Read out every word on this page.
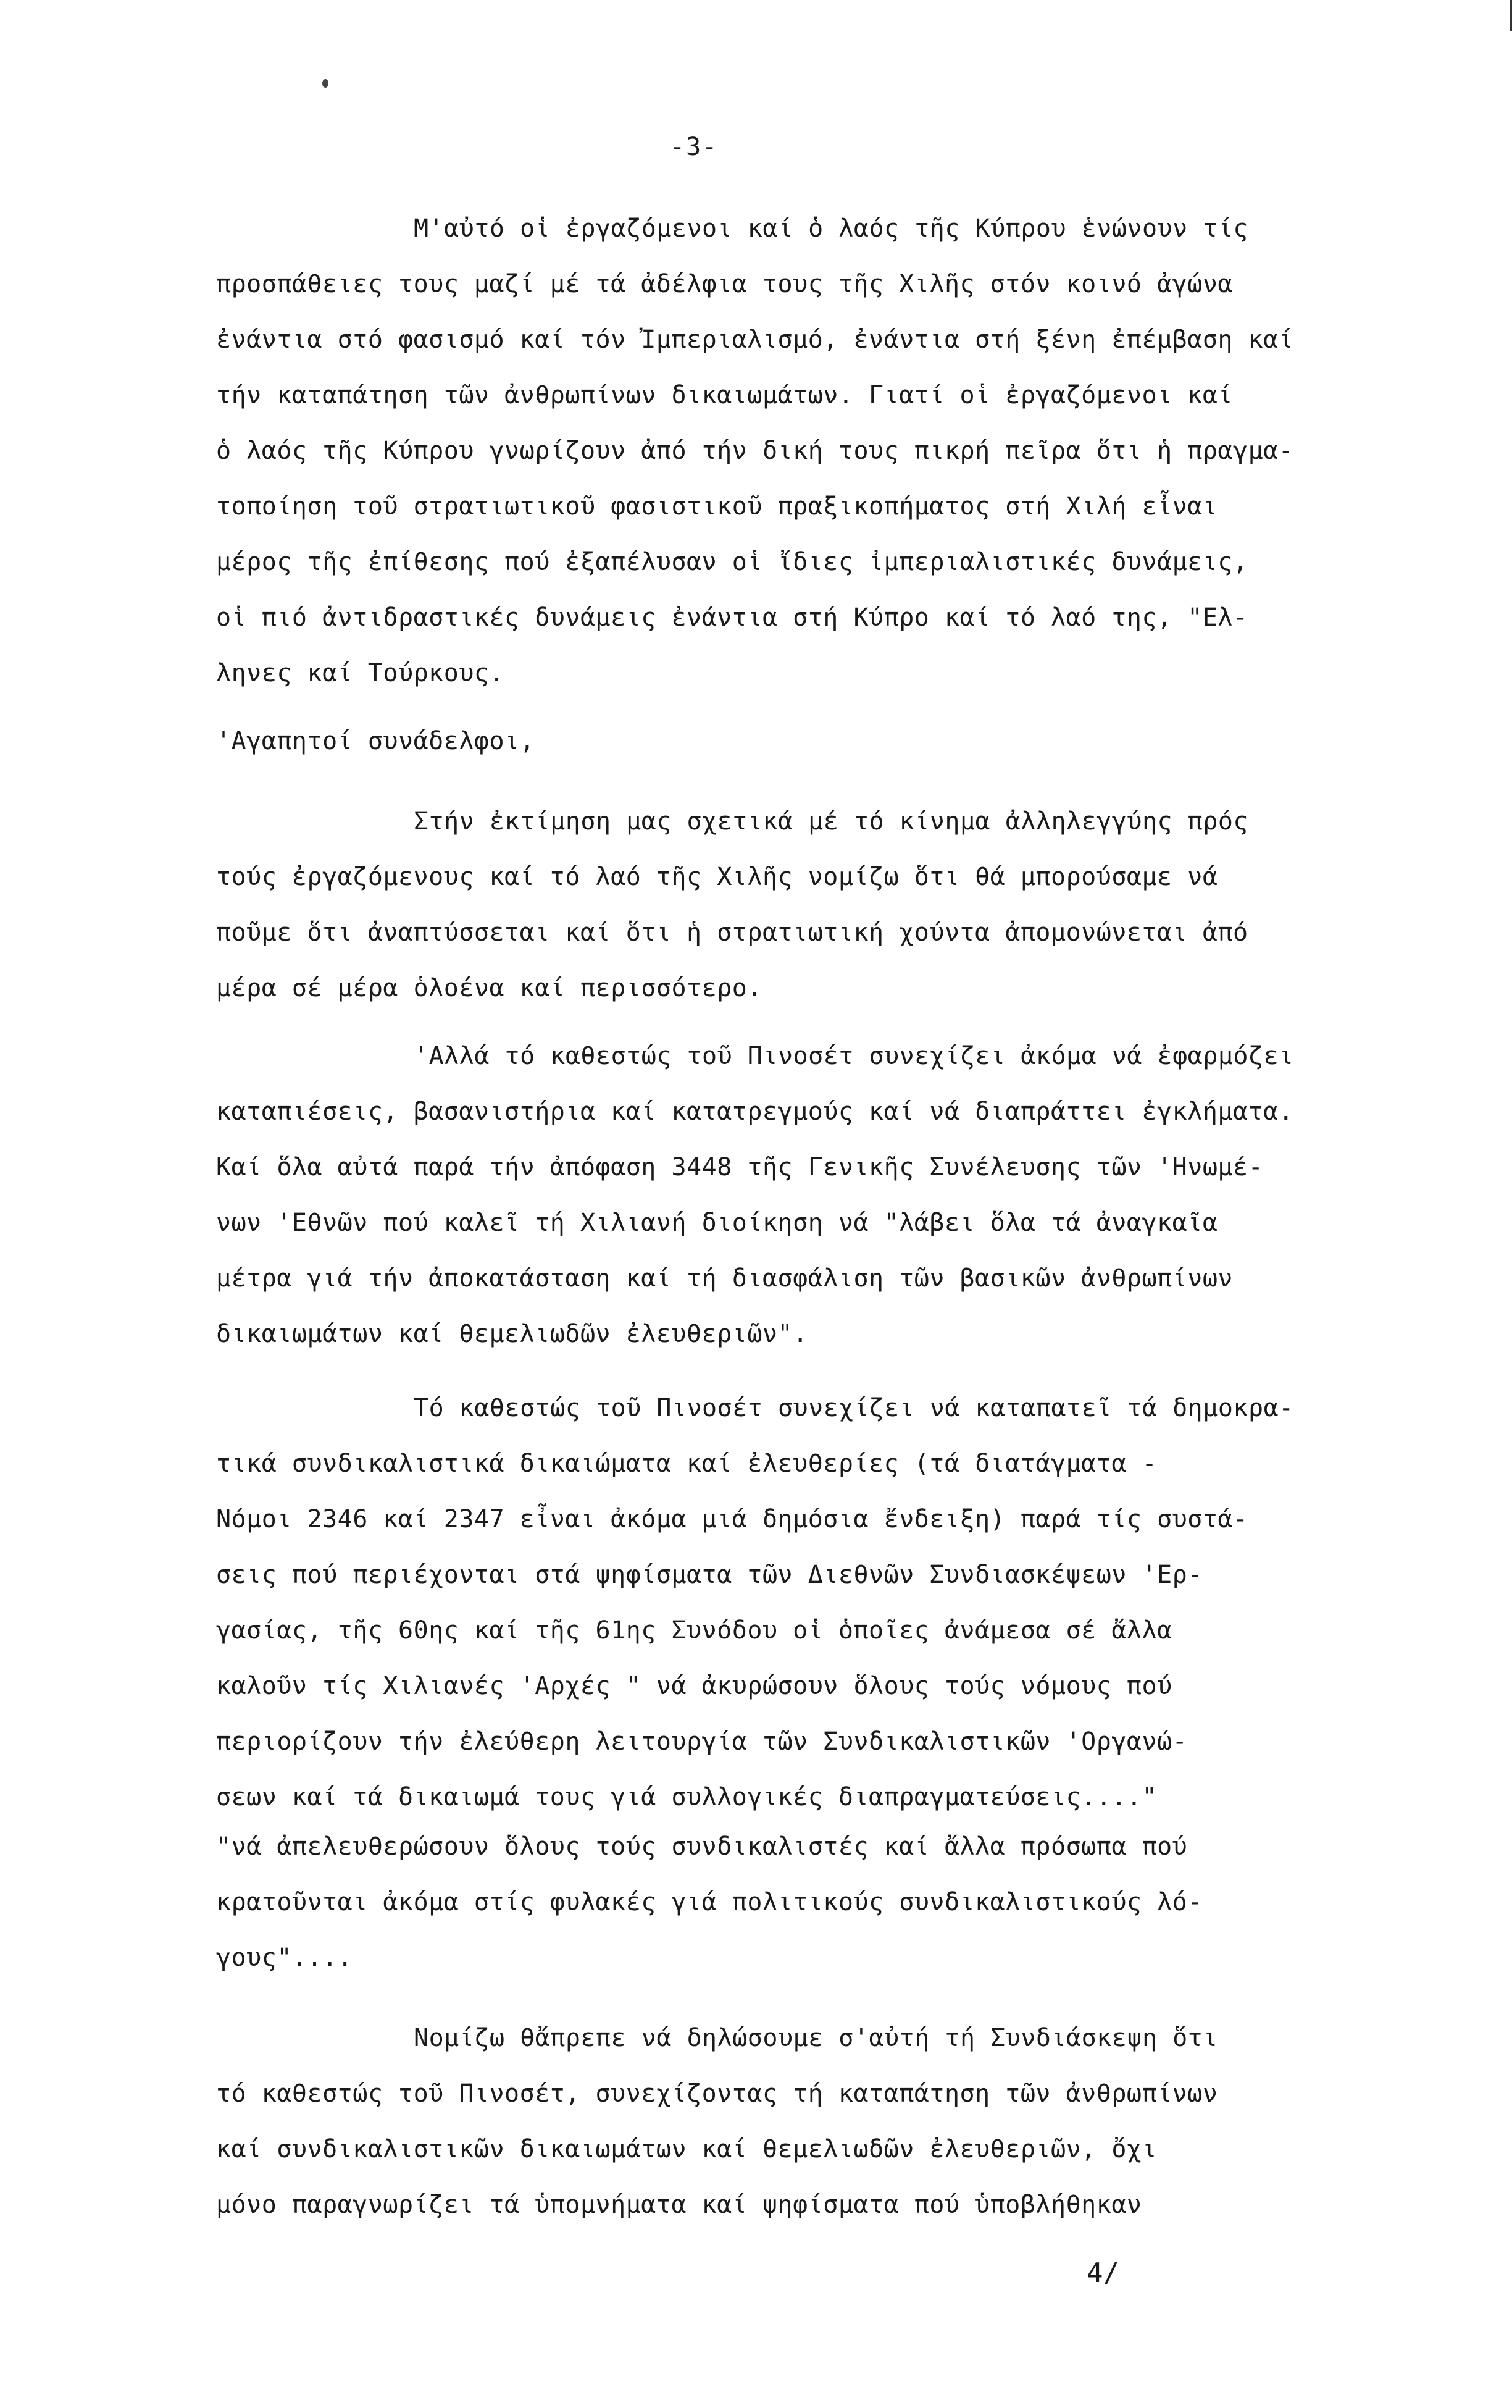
-3-
M'αὐτό οἱ ἐργαζόμενοι καί ὁ λαός τῆς Κύπρου ἑνώνουν τίς
προσπάθειες τους μαζί μέ τά ἀδέλφια τους τῆς Χιλῆς στόν κοινό ἀγώνα
ἐνάντια στό φασισμό καί τόν Ἰμπεριαλισμό, ἐνάντια στή ξένη ἐπέμβαση καί
τήν καταπάτηση τῶν ἀνθρωπίνων δικαιωμάτων. Γιατί οἱ ἐργαζόμενοι καί
ὁ λαός τῆς Κύπρου γνωρίζουν ἀπό τήν δική τους πικρή πεῖρα ὅτι ἡ πραγμα-
τοποίηση τοῦ στρατιωτικοῦ φασιστικοῦ πραξικοπήματος στή Χιλή εἶναι
μέρος τῆς ἐπίθεσης πού ἐξαπέλυσαν οἱ ἴδιες ἰμπεριαλιστικές δυνάμεις,
οἱ πιό ἀντιδραστικές δυνάμεις ἐνάντια στή Κύπρο καί τό λαό της, "Ελ-
ληνες καί Τούρκους.
'Αγαπητοί συνάδελφοι,
Στήν ἐκτίμηση μας σχετικά μέ τό κίνημα ἀλληλεγγύης πρός
τούς ἐργαζόμενους καί τό λαό τῆς Χιλῆς νομίζω ὅτι θά μπορούσαμε νά
ποῦμε ὅτι ἀναπτύσσεται καί ὅτι ἡ στρατιωτική χούντα ἀπομονώνεται ἀπό
μέρα σέ μέρα ὁλοένα καί περισσότερο.
'Αλλά τό καθεστώς τοῦ Πινοσέτ συνεχίζει ἀκόμα νά ἐφαρμόζει
καταπιέσεις, βασανιστήρια καί κατατρεγμούς καί νά διαπράττει ἐγκλήματα.
Καί ὅλα αὐτά παρά τήν ἀπόφαση 3448 τῆς Γενικῆς Συνέλευσης τῶν 'Ηνωμέ-
νων 'Εθνῶν πού καλεῖ τή Χιλιανή διοίκηση νά "λάβει ὅλα τά ἀναγκαῖα
μέτρα γιά τήν ἀποκατάσταση καί τή διασφάλιση τῶν βασικῶν ἀνθρωπίνων
δικαιωμάτων καί θεμελιωδῶν ἐλευθεριῶν".
Τό καθεστώς τοῦ Πινοσέτ συνεχίζει νά καταπατεῖ τά δημοκρα-
τικά συνδικαλιστικά δικαιώματα καί ἐλευθερίες (τά διατάγματα -
Νόμοι 2346 καί 2347 εἶναι ἀκόμα μιά δημόσια ἔνδειξη) παρά τίς συστά-
σεις πού περιέχονται στά ψηφίσματα τῶν Διεθνῶν Συνδιασκέψεων 'Ερ-
γασίας, τῆς 60ης καί τῆς 61ης Συνόδου οἱ ὁποῖες ἀνάμεσα σέ ἄλλα
καλοῦν τίς Χιλιανές 'Αρχές " νά ἀκυρώσουν ὅλους τούς νόμους πού
περιορίζουν τήν ἐλεύθερη λειτουργία τῶν Συνδικαλιστικῶν 'Οργανώ-
σεων καί τά δικαιωμά τους γιά συλλογικές διαπραγματεύσεις...."
"νά ἀπελευθερώσουν ὅλους τούς συνδικαλιστές καί ἄλλα πρόσωπα πού
κρατοῦνται ἀκόμα στίς φυλακές γιά πολιτικούς συνδικαλιστικούς λό-
γους"....
Νομίζω θἄπρεπε νά δηλώσουμε σ'αὐτή τή Συνδιάσκεψη ὅτι
τό καθεστώς τοῦ Πινοσέτ, συνεχίζοντας τή καταπάτηση τῶν ἀνθρωπίνων
καί συνδικαλιστικῶν δικαιωμάτων καί θεμελιωδῶν ἐλευθεριῶν, ὄχι
μόνο παραγνωρίζει τά ὑπομνήματα καί ψηφίσματα πού ὑποβλήθηκαν
4/
